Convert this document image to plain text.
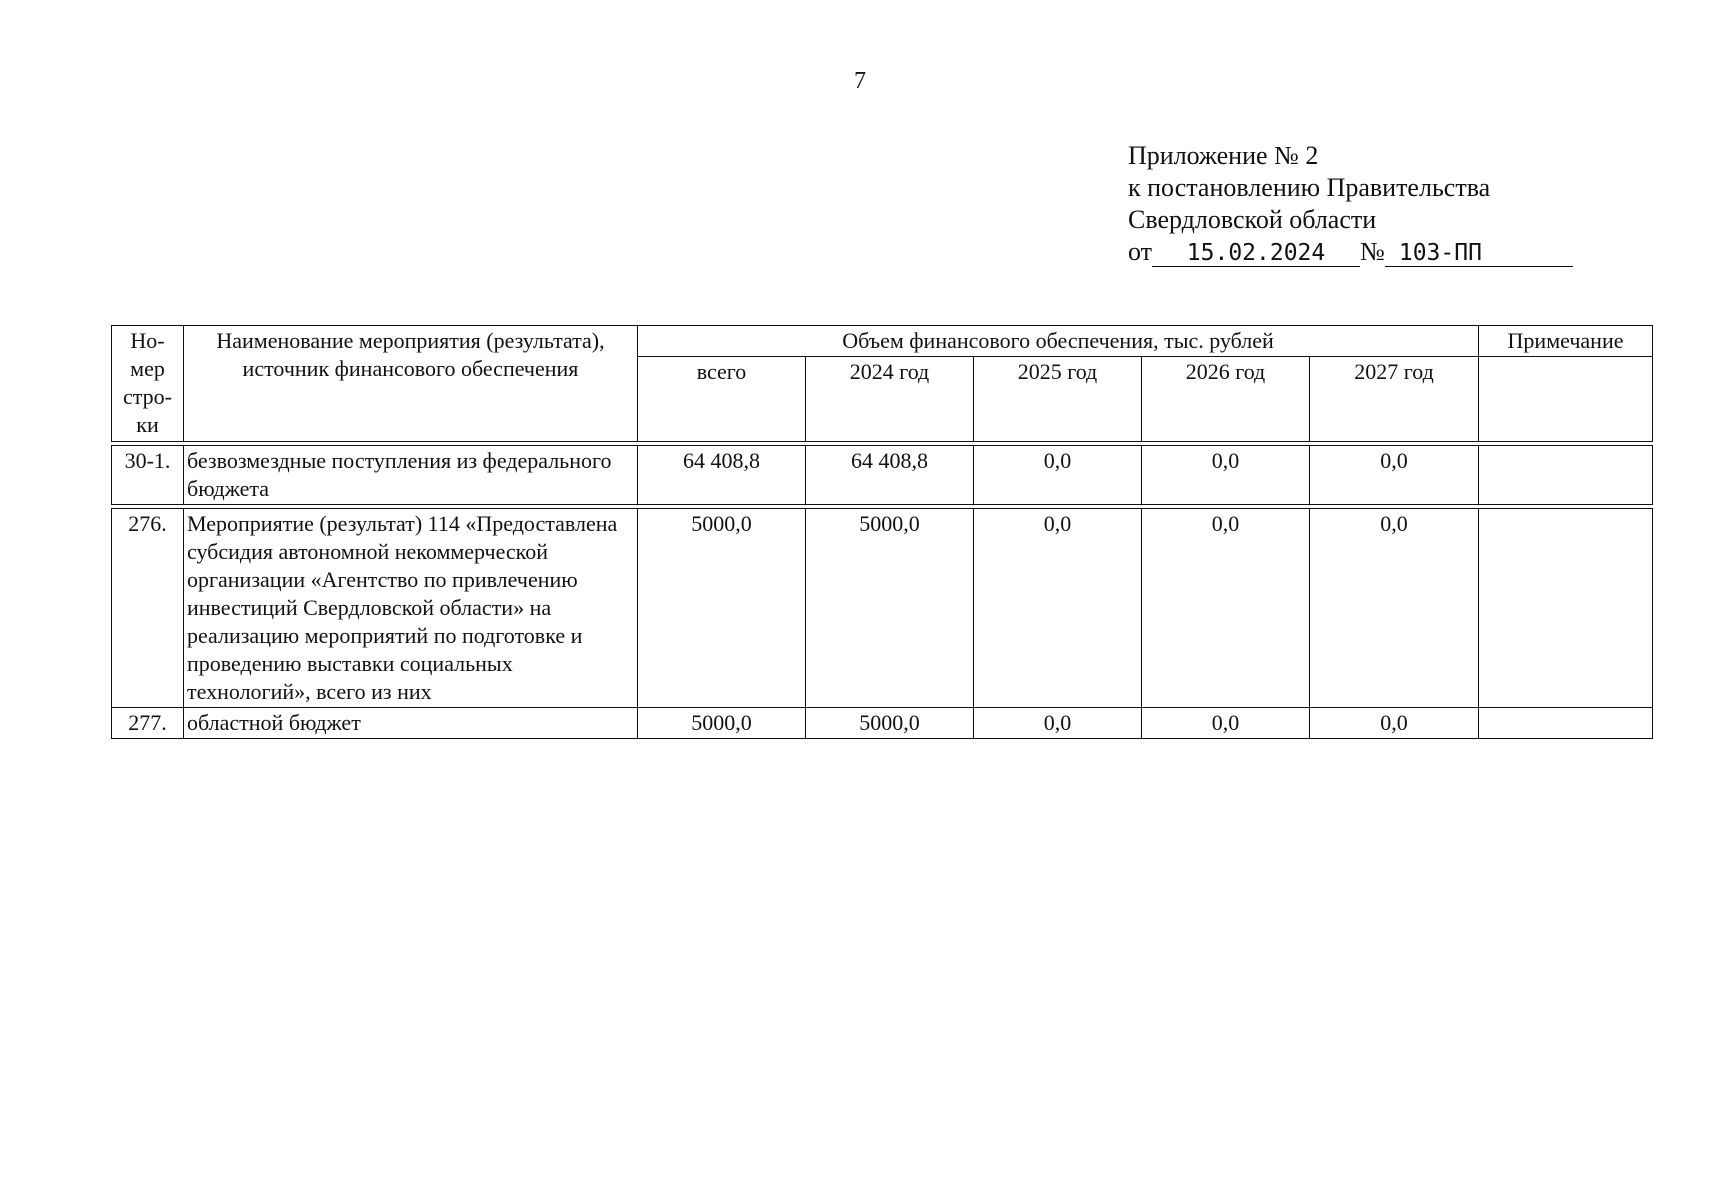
7
Приложение № 2
к постановлению Правительства
Свердловской области
от 15.02.2024 № 103-ПП
Но-мер стро-ки	Наименование мероприятия (результата), источник финансового обеспечения	Объем финансового обеспечения, тыс. рублей					Примечание
		всего	2024 год	2025 год	2026 год	2027 год	

30-1.	безвозмездные поступления из федерального бюджета	64 408,8	64 408,8	0,0	0,0	0,0	

276.	Мероприятие (результат) 114 «Предоставлена субсидия автономной некоммерческой организации «Агентство по привлечению инвестиций Свердловской области» на реализацию мероприятий по подготовке и проведению выставки социальных технологий», всего из них	5000,0	5000,0	0,0	0,0	0,0	
277.	областной бюджет	5000,0	5000,0	0,0	0,0	0,0	
